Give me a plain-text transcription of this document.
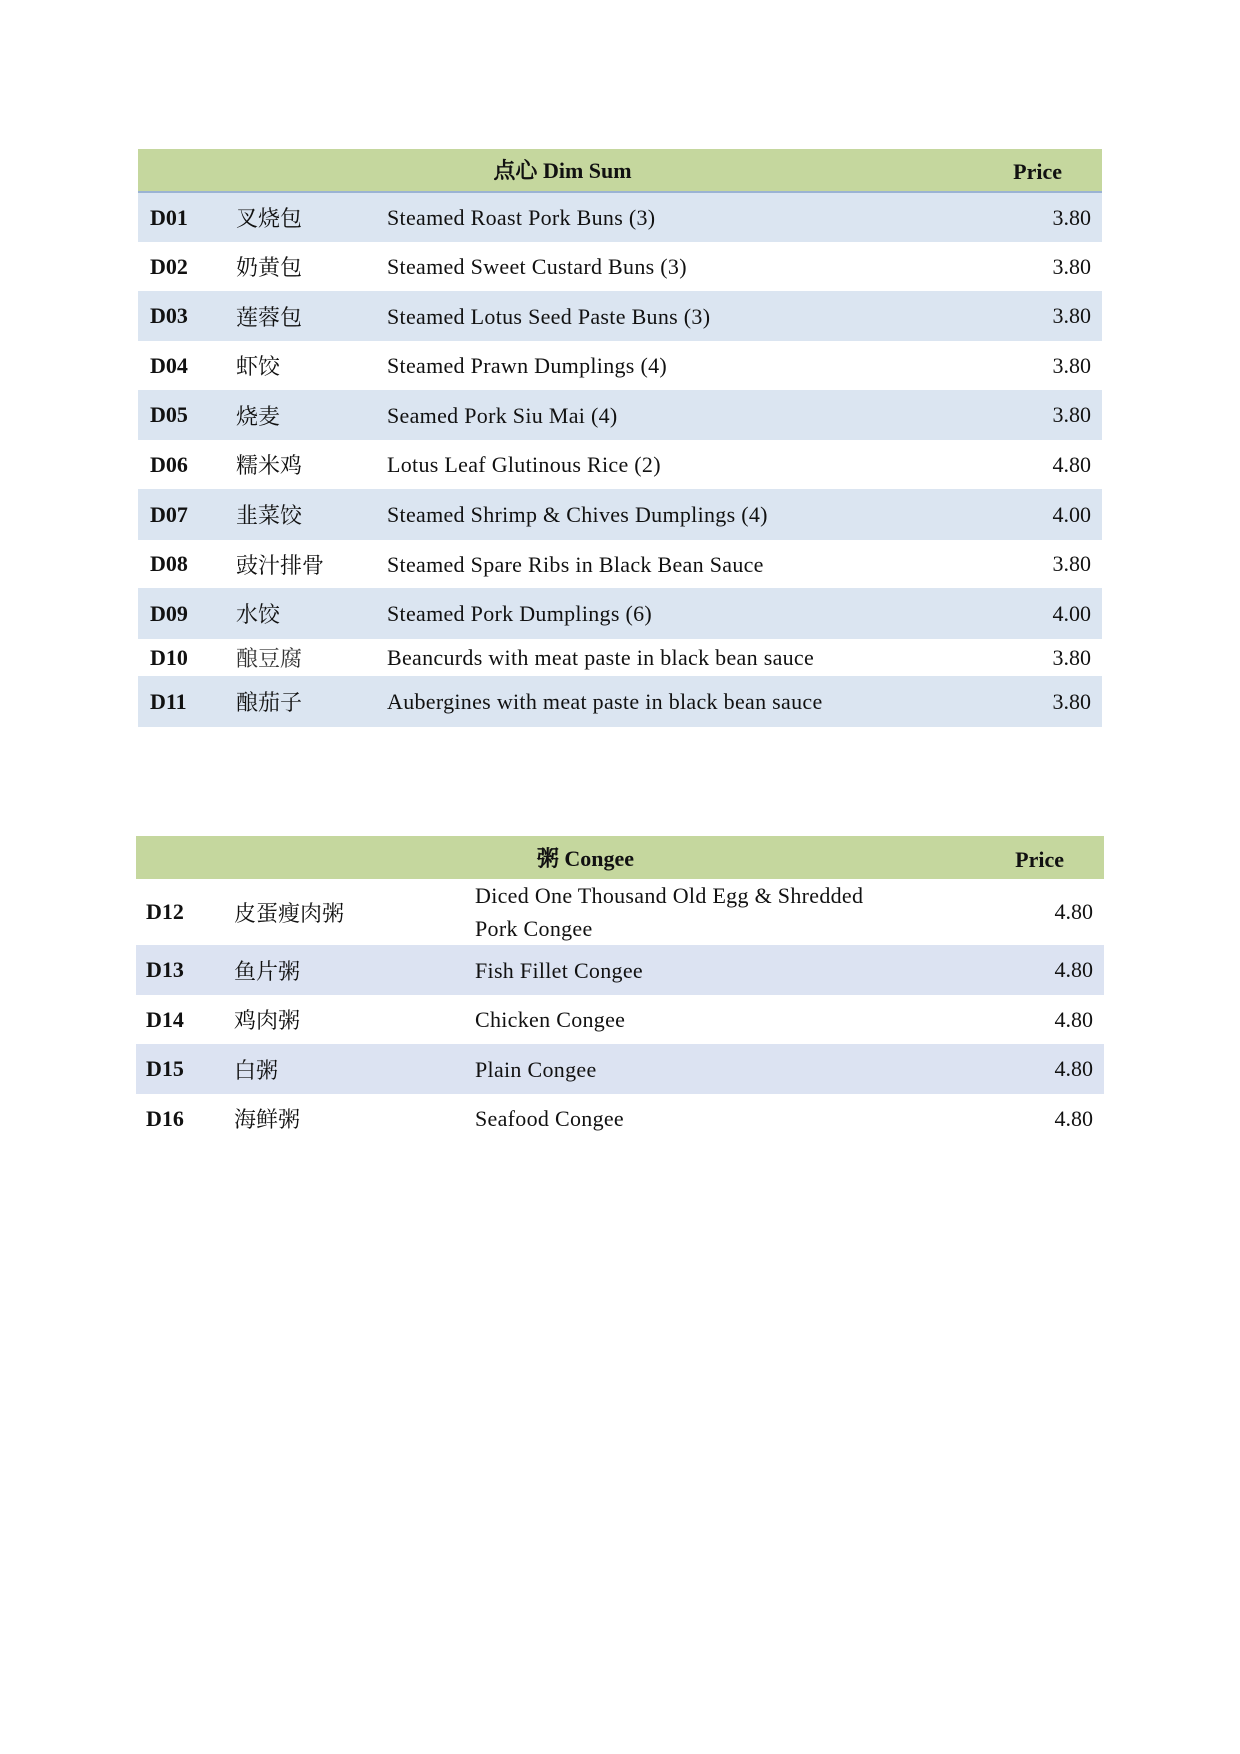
点心 Dim Sum			Price
D01	叉烧包	Steamed Roast Pork Buns (3)	3.80
D02	奶黄包	Steamed Sweet Custard Buns (3)	3.80
D03	莲蓉包	Steamed Lotus Seed Paste Buns (3)	3.80
D04	虾饺	Steamed Prawn Dumplings (4)	3.80
D05	烧麦	Seamed Pork Siu Mai (4)	3.80
D06	糯米鸡	Lotus Leaf Glutinous Rice (2)	4.80
D07	韭菜饺	Steamed Shrimp & Chives Dumplings (4)	4.00
D08	豉汁排骨	Steamed Spare Ribs in Black Bean Sauce	3.80
D09	水饺	Steamed Pork Dumplings (6)	4.00
D10	酿豆腐	Beancurds with meat paste in black bean sauce	3.80
D11	酿茄子	Aubergines with meat paste in black bean sauce	3.80
粥 Congee			Price
D12	皮蛋瘦肉粥	Diced One Thousand Old Egg & Shredded
Pork Congee	4.80
D13	鱼片粥	Fish Fillet Congee	4.80
D14	鸡肉粥	Chicken Congee	4.80
D15	白粥	Plain Congee	4.80
D16	海鲜粥	Seafood Congee	4.80
